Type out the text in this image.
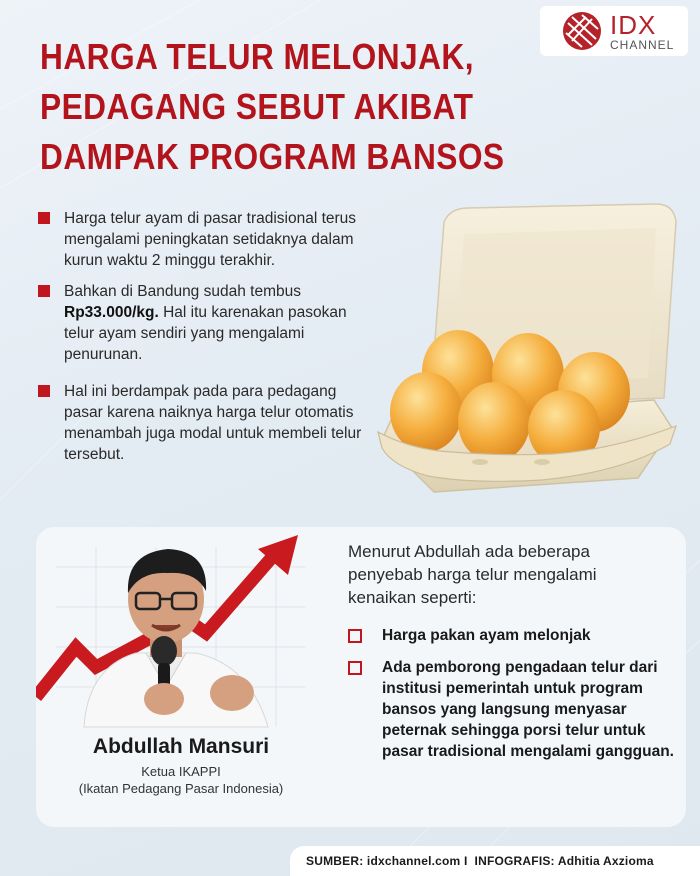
IDX
CHANNEL
HARGA TELUR MELONJAK,
PEDAGANG SEBUT AKIBAT
DAMPAK PROGRAM BANSOS
Harga telur ayam di pasar tradisional terus mengalami peningkatan setidaknya dalam kurun waktu 2 minggu terakhir.
Bahkan di Bandung sudah tembus Rp33.000/kg. Hal itu karenakan pasokan telur ayam sendiri yang mengalami penurunan.
Hal ini berdampak pada para pedagang pasar karena naiknya harga telur otomatis menambah juga modal untuk membeli telur tersebut.
Abdullah Mansuri
Ketua IKAPPI
(Ikatan Pedagang Pasar Indonesia)
Menurut Abdullah ada beberapa penyebab harga telur mengalami kenaikan seperti:
Harga pakan ayam melonjak
Ada pemborong pengadaan telur dari institusi pemerintah untuk program bansos yang langsung menyasar peternak sehingga porsi telur untuk pasar tradisional mengalami gangguan.
SUMBER: idxchannel.com I  INFOGRAFIS: Adhitia Axzioma
